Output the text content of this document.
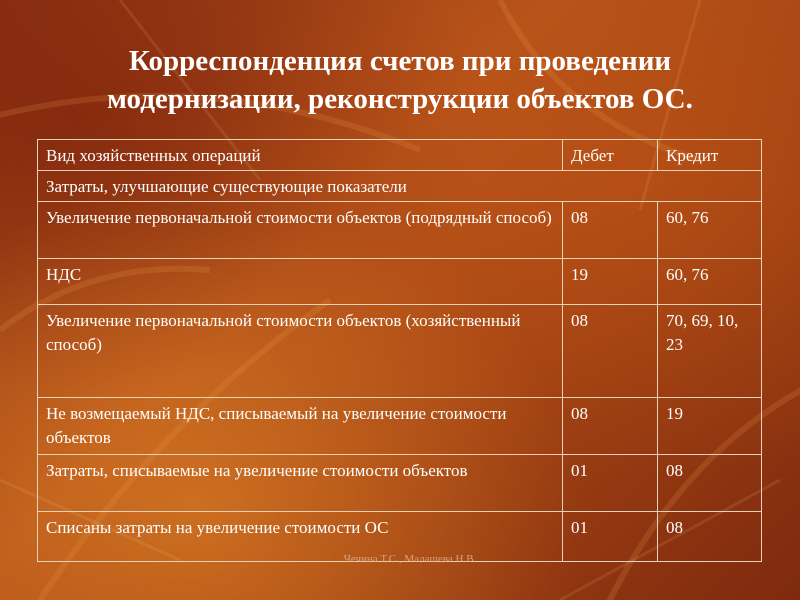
Корреспонденция счетов при проведении
модернизации, реконструкции объектов ОС.
Вид хозяйственных операций	Дебет	Кредит
Затраты, улучшающие существующие показатели		
Увеличение первоначальной стоимости объектов (подрядный способ)	08	60, 76
НДС	19	60, 76
Увеличение первоначальной стоимости объектов (хозяйственный способ)	08	70, 69, 10, 23
Не возмещаемый НДС, списываемый на увеличение стоимости объектов	08	19
Затраты, списываемые на увеличение стоимости объектов	01	08
Списаны затраты на увеличение стоимости ОС	01	08
Чечина Т.С., Малашева Н.В.
